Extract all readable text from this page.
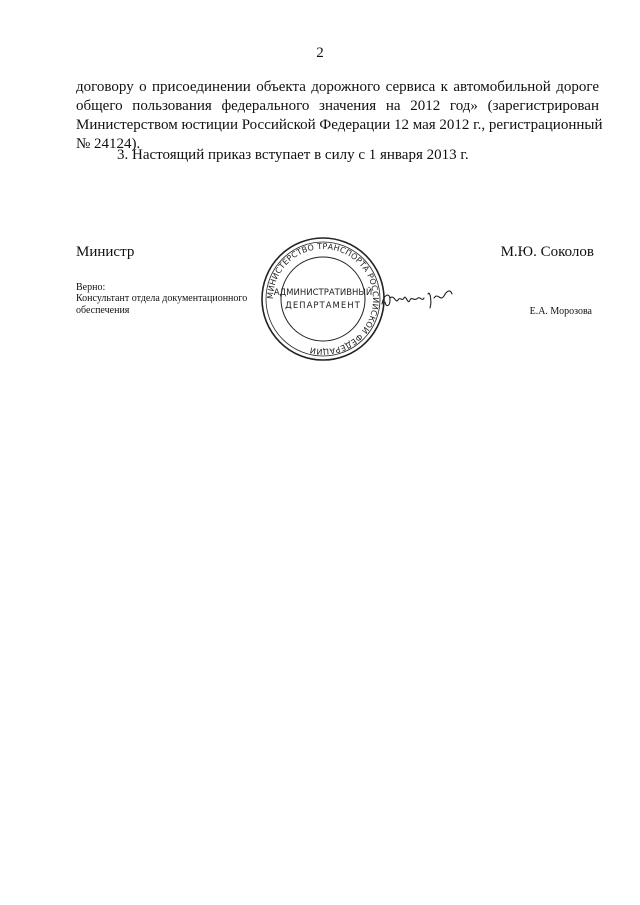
2
договору о присоединении объекта дорожного сервиса к автомобильной дороге
общего пользования федерального значения на 2012 год» (зарегистрирован
Министерством юстиции Российской Федерации 12 мая 2012 г., регистрационный
№ 24124).
3. Настоящий приказ вступает в силу с 1 января 2013 г.
Министр	М.Ю. Соколов
Верно:
Консультант отдела документационного
обеспечения	Е.А. Морозова
МИНИСТЕРСТВО ТРАНСПОРТА РОССИЙСКОЙ ФЕДЕРАЦИИ
АДМИНИСТРАТИВНЫЙ
ДЕПАРТАМЕНТ
